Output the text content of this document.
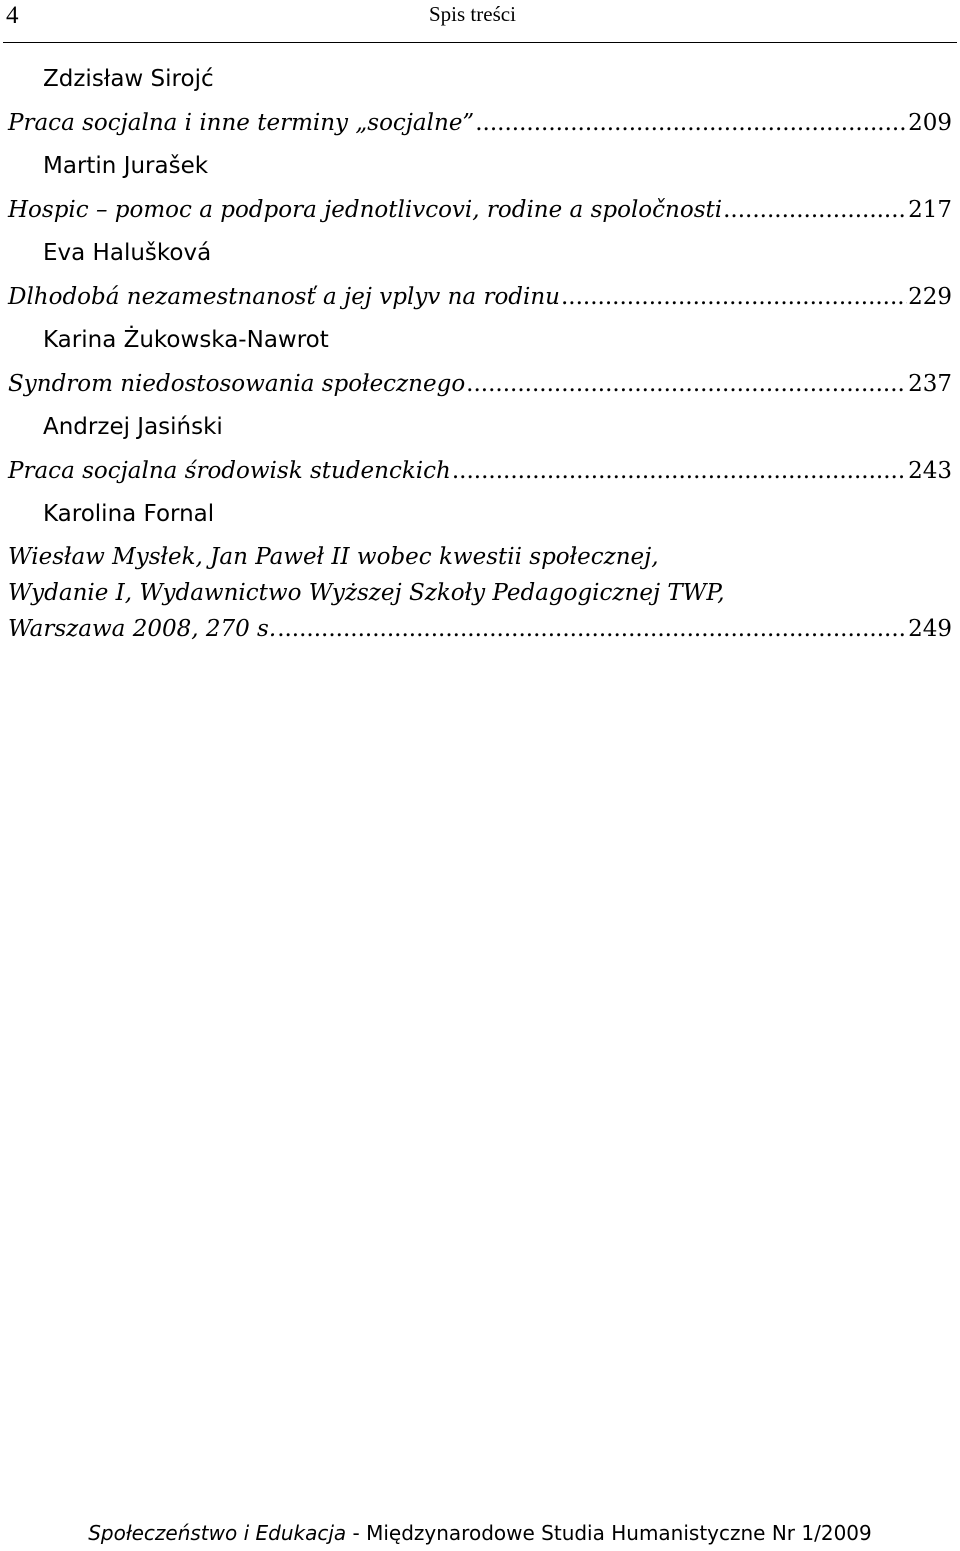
4	Spis treści
Zdzisław Sirojć
Praca socjalna i inne terminy „socjalne” .....	209
Martin Jurašek
Hospic – pomoc a podpora jednotlivcovi, rodine a spoločnosti .....	217
Eva Halušková
Dlhodobá nezamestnanosť a jej vplyv na rodinu .....	229
Karina Żukowska-Nawrot
Syndrom niedostosowania społecznego .....	237
Andrzej Jasiński
Praca socjalna środowisk studenckich .....	243
Karolina Fornal
Wiesław Mysłek, Jan Paweł II wobec kwestii społecznej,
Wydanie I, Wydawnictwo Wyższej Szkoły Pedagogicznej TWP,
Warszawa 2008, 270 s. .....	249
Społeczeństwo i Edukacja - Międzynarodowe Studia Humanistyczne Nr 1/2009
